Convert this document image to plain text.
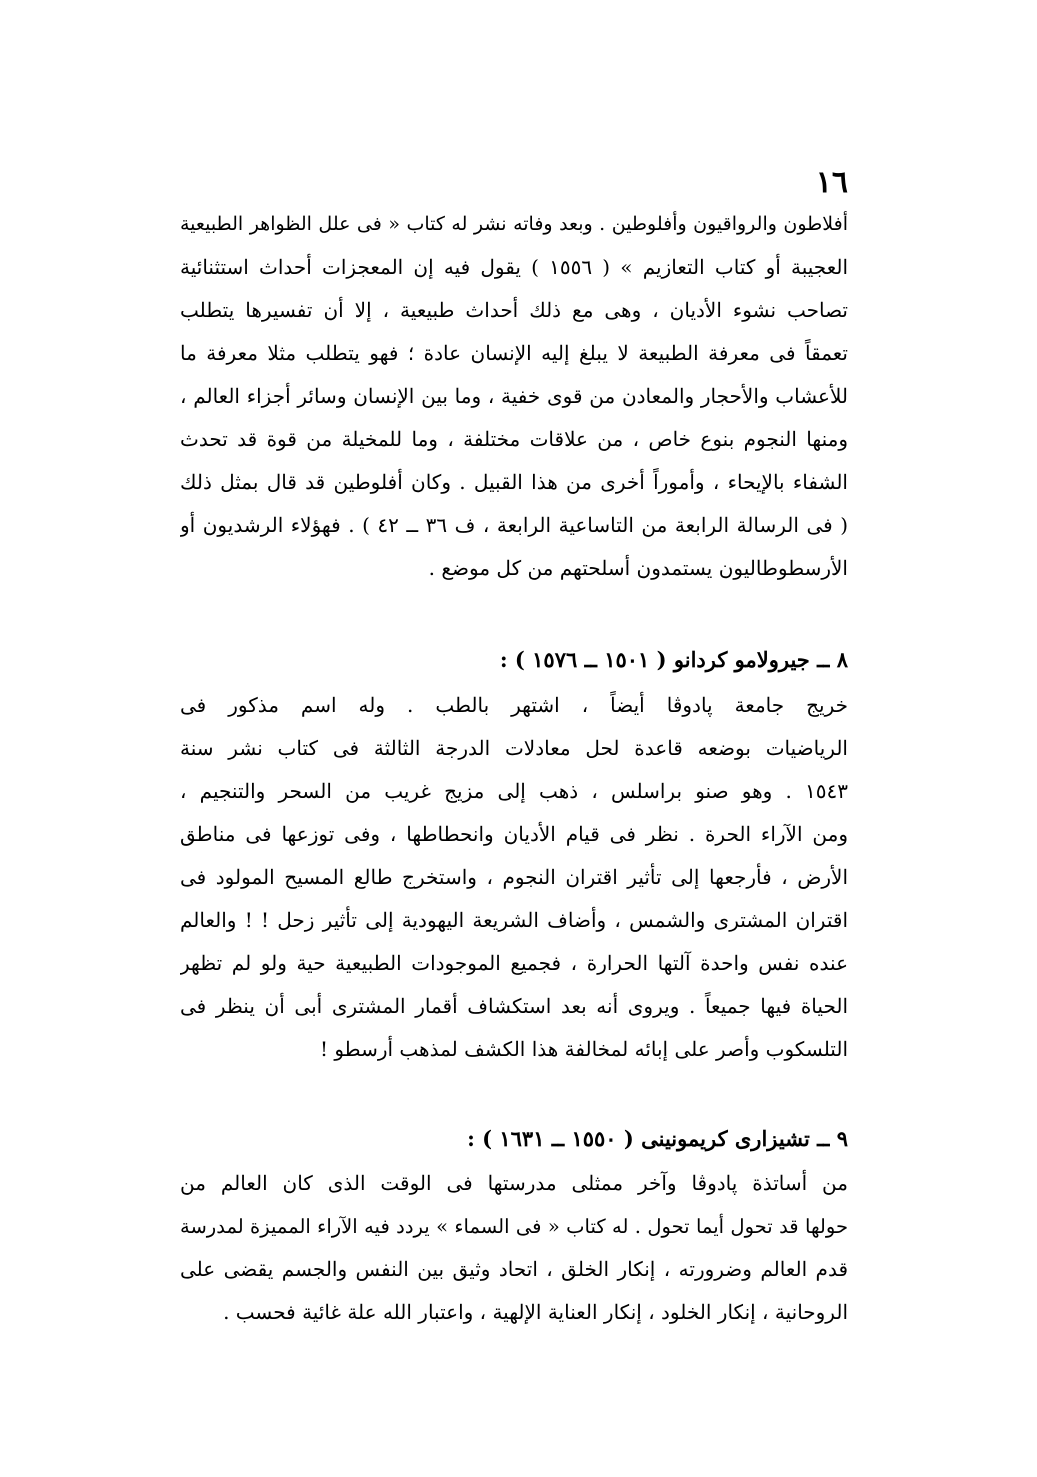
١٦
أفلاطون والرواقيون وأفلوطين . وبعد وفاته نشر له كتاب « فى علل الظواهر الطبيعية
العجيبة أو كتاب التعازيم » ( ١٥٥٦ ) يقول فيه إن المعجزات أحداث استثنائية
تصاحب نشوء الأديان ، وهى مع ذلك أحداث طبيعية ، إلا أن تفسيرها يتطلب
تعمقاً فى معرفة الطبيعة لا يبلغ إليه الإنسان عادة ؛ فهو يتطلب مثلا معرفة ما
للأعشاب والأحجار والمعادن من قوى خفية ، وما بين الإنسان وسائر أجزاء العالم ،
ومنها النجوم بنوع خاص ، من علاقات مختلفة ، وما للمخيلة من قوة قد تحدث
الشفاء بالإيحاء ، وأموراً أخرى من هذا القبيل . وكان أفلوطين قد قال بمثل ذلك
( فى الرسالة الرابعة من التاساعية الرابعة ، ف ٣٦ ــ ٤٢ ) . فهؤلاء الرشديون أو
الأرسطوطاليون يستمدون أسلحتهم من كل موضع .
٨ ــ جيرولامو كردانو ( ١٥٠١ ــ ١٥٧٦ ) :
خريج جامعة پادوڤا أيضاً ، اشتهر بالطب . وله اسم مذكور فى
الرياضيات بوضعه قاعدة لحل معادلات الدرجة الثالثة فى كتاب نشر سنة
١٥٤٣ . وهو صنو براسلس ، ذهب إلى مزيج غريب من السحر والتنجيم ،
ومن الآراء الحرة . نظر فى قيام الأديان وانحطاطها ، وفى توزعها فى مناطق
الأرض ، فأرجعها إلى تأثير اقتران النجوم ، واستخرج طالع المسيح المولود فى
اقتران المشترى والشمس ، وأضاف الشريعة اليهودية إلى تأثير زحل ! ! والعالم
عنده نفس واحدة آلتها الحرارة ، فجميع الموجودات الطبيعية حية ولو لم تظهر
الحياة فيها جميعاً . ويروى أنه بعد استكشاف أقمار المشترى أبى أن ينظر فى
التلسكوب وأصر على إبائه لمخالفة هذا الكشف لمذهب أرسطو !
٩ ــ تشيزارى كريمونينى ( ١٥٥٠ ــ ١٦٣١ ) :
من أساتذة پادوڤا وآخر ممثلى مدرستها فى الوقت الذى كان العالم من
حولها قد تحول أيما تحول . له كتاب « فى السماء » يردد فيه الآراء المميزة لمدرسة
قدم العالم وضرورته ، إنكار الخلق ، اتحاد وثيق بين النفس والجسم يقضى على
الروحانية ، إنكار الخلود ، إنكار العناية الإلهية ، واعتبار الله علة غائية فحسب .
